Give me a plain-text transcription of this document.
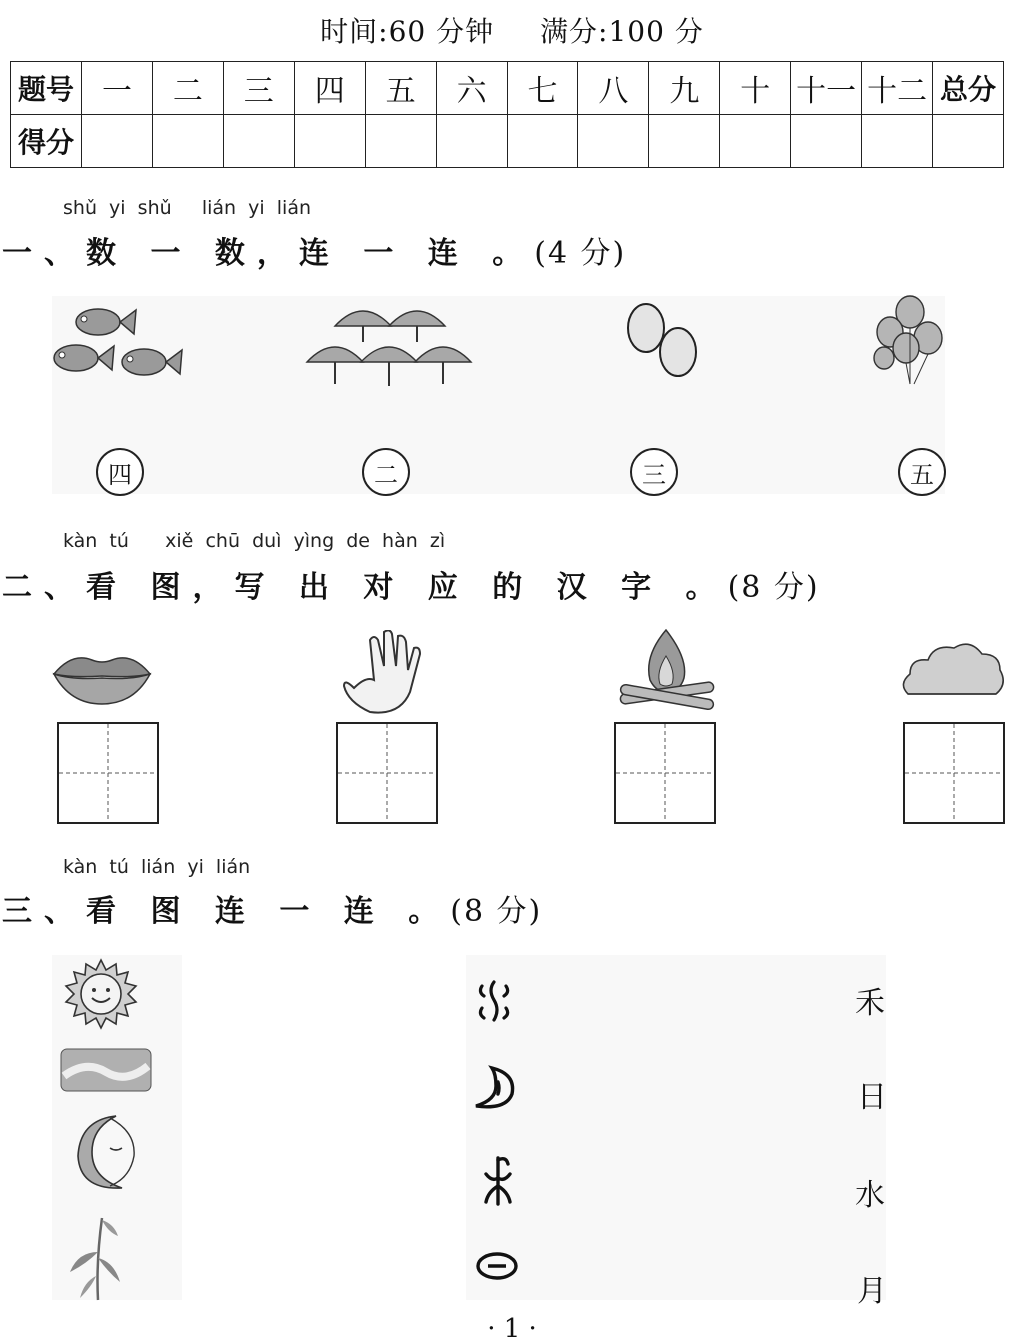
时间:60 分钟 满分:100 分
题号	一	二	三	四	五	六	七	八	九	十	十一	十二	总分
得分													
shǔ  yi  shǔ     lián  yi  lián
一、数 一 数，连 一 连 。(4 分)
四	二	三	五
kàn  tú      xiě  chū  duì  yìng  de  hàn  zì
二、看 图，写 出 对 应 的 汉 字 。(8 分)
kàn  tú  lián  yi  lián
三、看 图 连 一 连 。(8 分)
禾
日
水
月
· 1 ·
